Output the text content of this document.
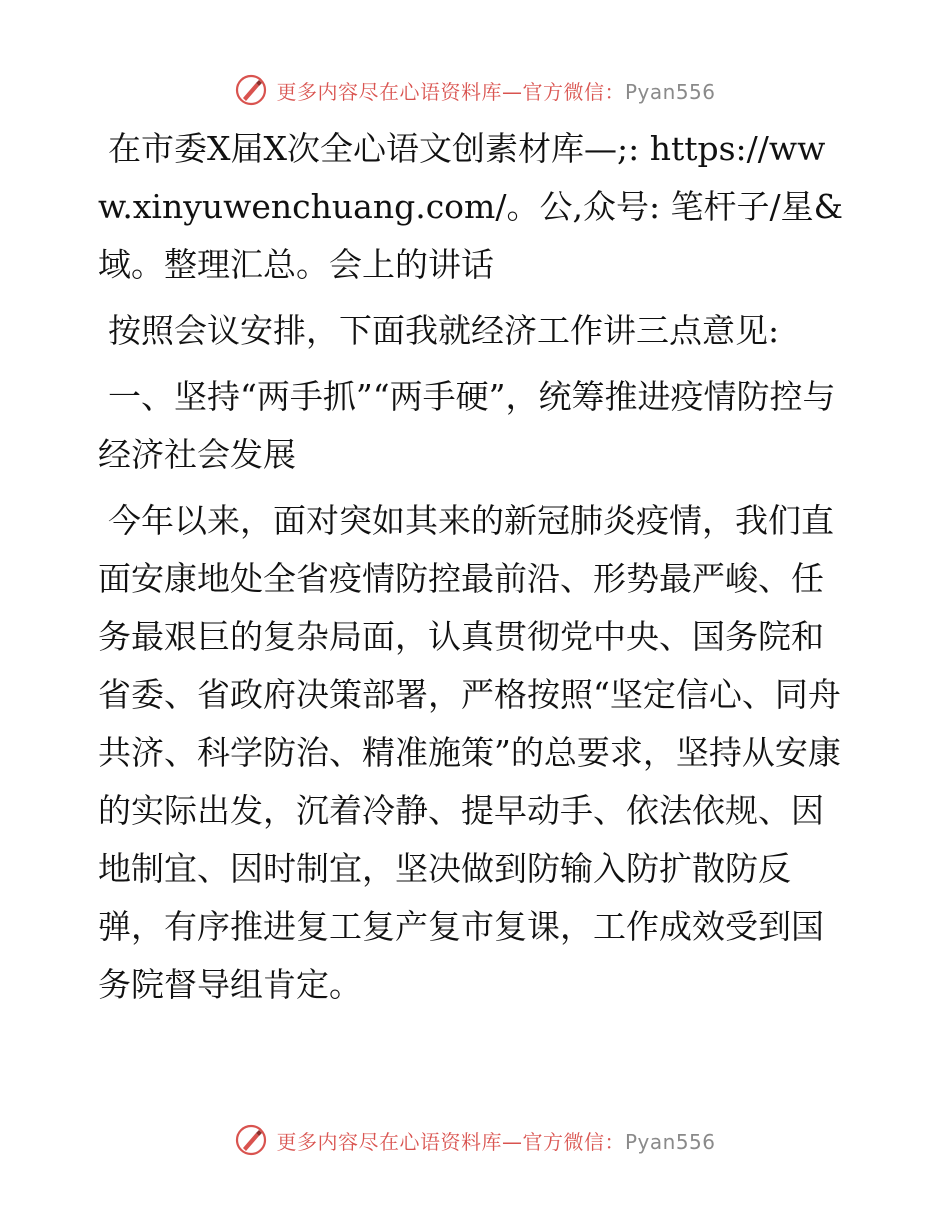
更多内容尽在心语资料库—官方微信：Pyan556

在市委X届X次全心语文创素材库—;: https://www.xinyuwenchuang.com/。公,众号: 笔杆子/星&域。整理汇总。会上的讲话

按照会议安排，下面我就经济工作讲三点意见:

一、坚持“两手抓”“两手硬”，统筹推进疫情防控与经济社会发展

今年以来，面对突如其来的新冠肺炎疫情，我们直面安康地处全省疫情防控最前沿、形势最严峻、任务最艰巨的复杂局面，认真贯彻党中央、国务院和省委、省政府决策部署，严格按照“坚定信心、同舟共济、科学防治、精准施策”的总要求，坚持从安康的实际出发，沉着冷静、提早动手、依法依规、因地制宜、因时制宜，坚决做到防输入防扩散防反弹，有序推进复工复产复市复课，工作成效受到国务院督导组肯定。

更多内容尽在心语资料库—官方微信：Pyan556
